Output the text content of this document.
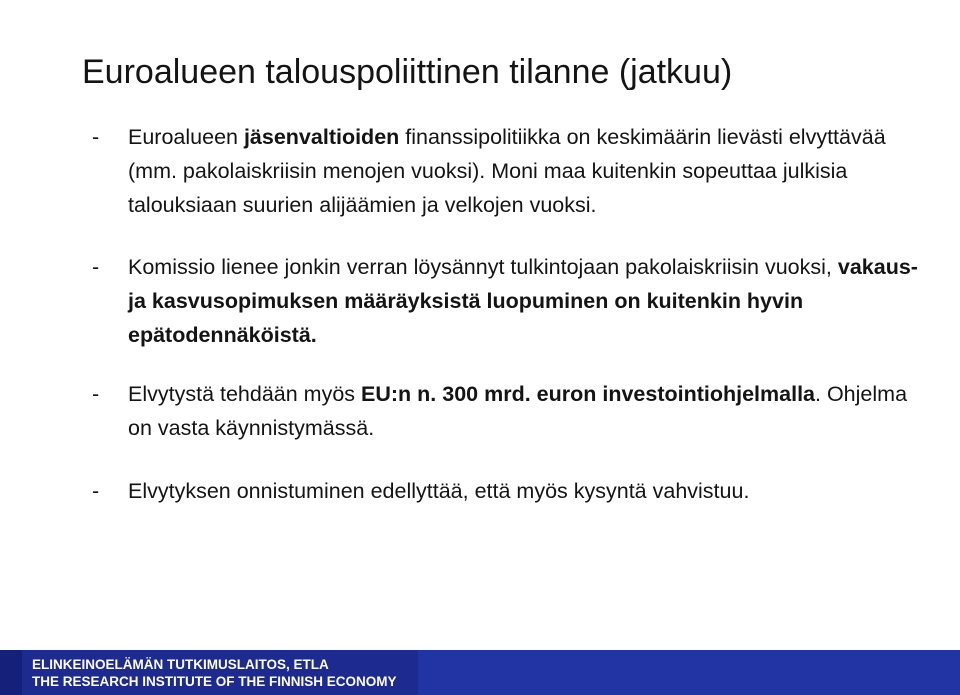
Euroalueen talouspoliittinen tilanne (jatkuu)
- Euroalueen jäsenvaltioiden finanssipolitiikka on keskimäärin lievästi elvyttävää (mm. pakolaiskriisin menojen vuoksi). Moni maa kuitenkin sopeuttaa julkisia talouksiaan suurien alijäämien ja velkojen vuoksi.
- Komissio lienee jonkin verran löysännyt tulkintojaan pakolaiskriisin vuoksi, vakaus- ja kasvusopimuksen määräyksistä luopuminen on kuitenkin hyvin epätodennäköistä.
- Elvytystä tehdään myös EU:n n. 300 mrd. euron investointiohjelmalla. Ohjelma on vasta käynnistymässä.
- Elvytyksen onnistuminen edellyttää, että myös kysyntä vahvistuu.
ELINKEINOELÄMÄN TUTKIMUSLAITOS, ETLA
THE RESEARCH INSTITUTE OF THE FINNISH ECONOMY
